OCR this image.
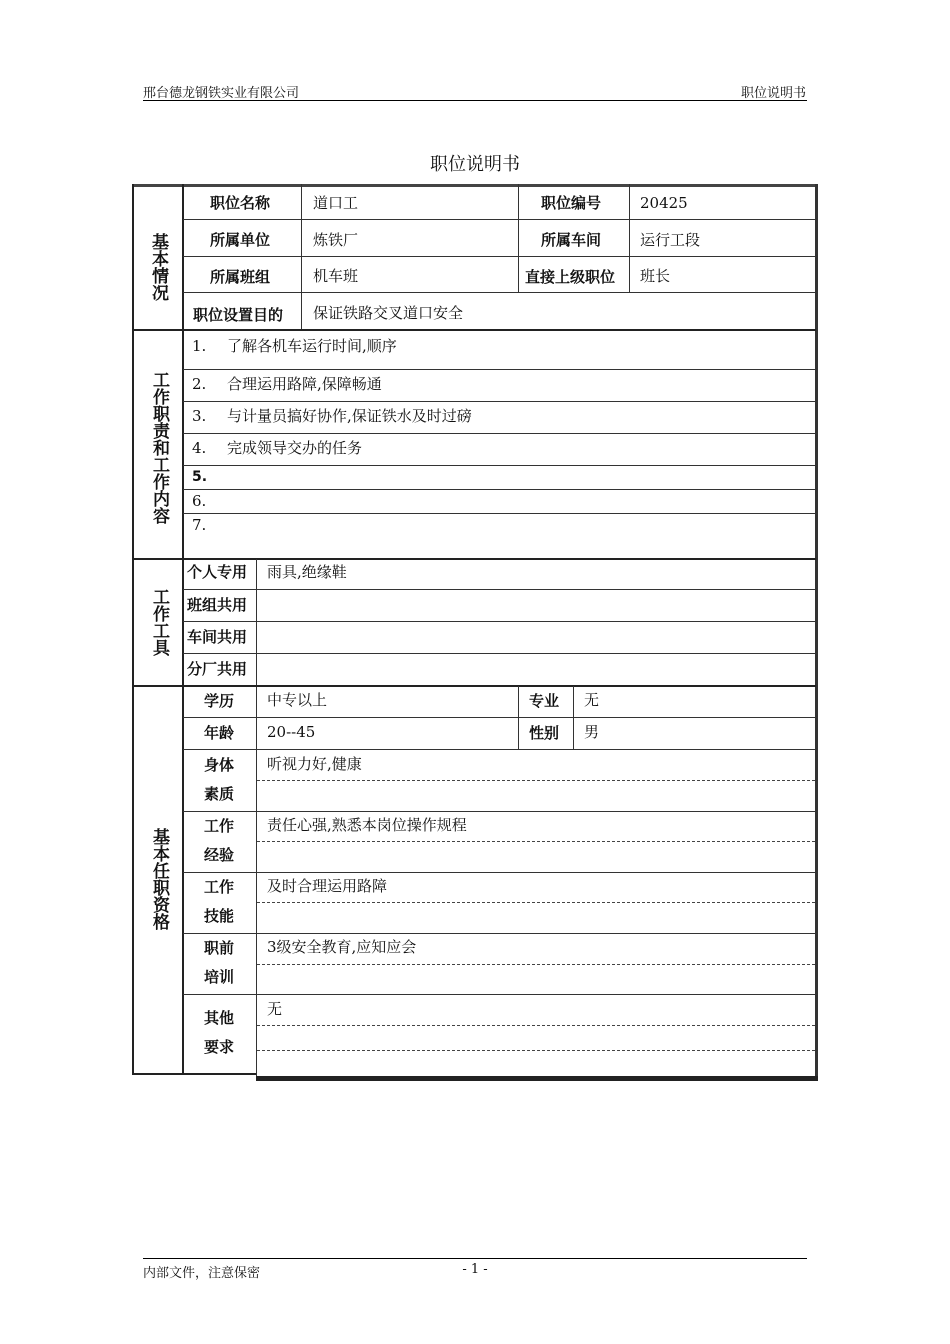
邢台德龙钢铁实业有限公司	职位说明书
职位说明书
基本情况
职位名称	道口工	职位编号	20425
所属单位	炼铁厂	所属车间	运行工段
所属班组	机车班	直接上级职位 班长
职位设置目的 保证铁路交叉道口安全
工作职责和工作内容
1. 了解各机车运行时间,顺序
2. 合理运用路障,保障畅通
3. 与计量员搞好协作,保证铁水及时过磅
4. 完成领导交办的任务
5.
6.
7.
工作工具
个人专用 雨具,绝缘鞋
班组共用
车间共用
分厂共用
基本任职资格
学历 中专以上	专业 无
年龄 20--45	性别 男
身体
素质
听视力好,健康
工作
经验
责任心强,熟悉本岗位操作规程
工作
技能
及时合理运用路障
职前
培训
3级安全教育,应知应会
其他
要求
无
内部文件，注意保密	- 1 -
